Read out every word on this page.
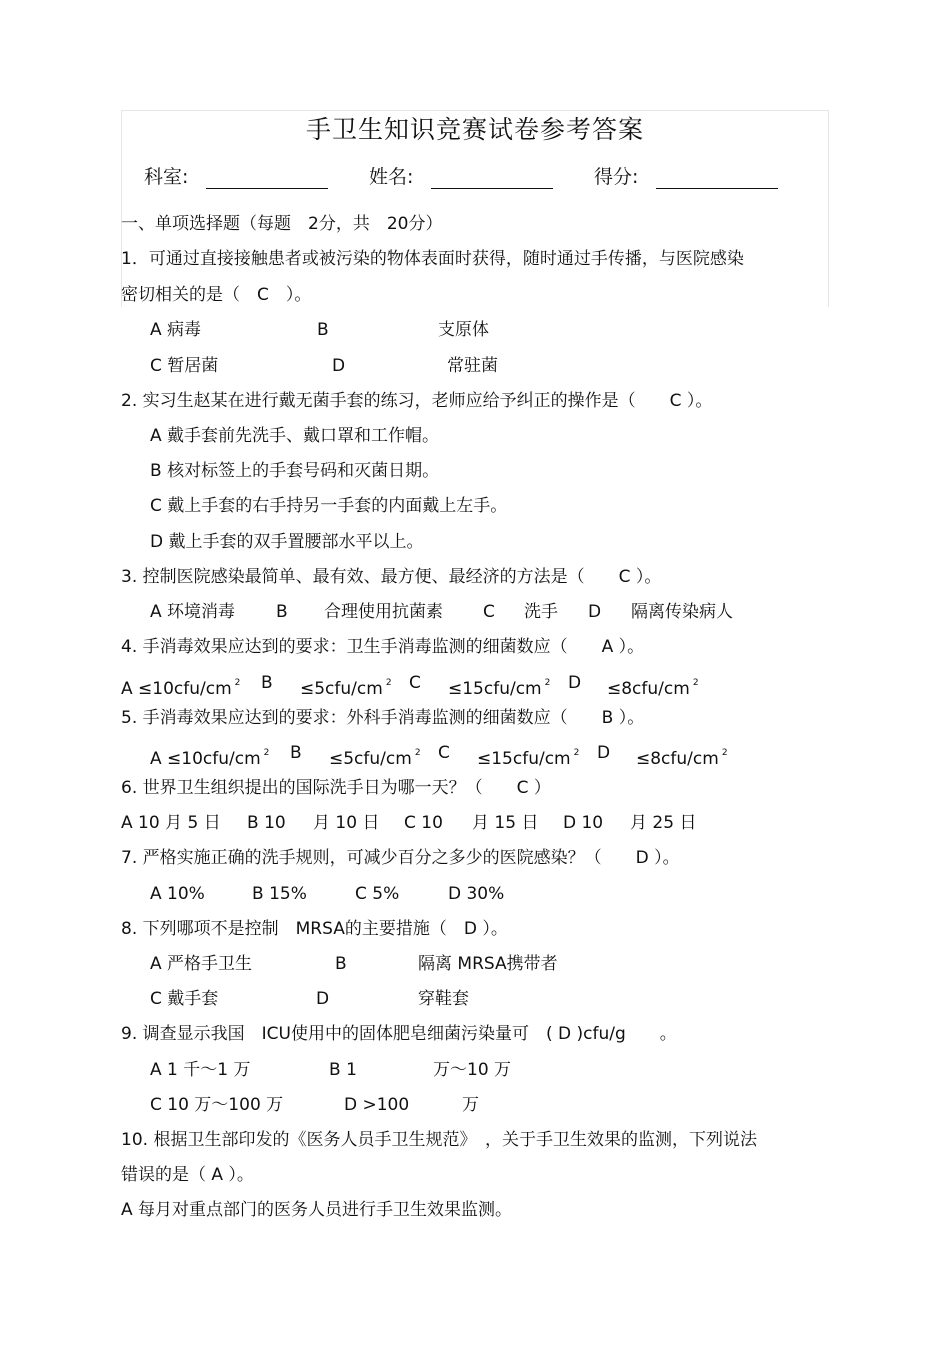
手卫生知识竞赛试卷参考答案
科室:	姓名:	得分:
一、单项选择题（每题　2分，共　20分）
1．可通过直接接触患者或被污染的物体表面时获得，随时通过手传播，与医院感染
密切相关的是（　C　）。
A 病毒	B	支原体
C 暂居菌	D	常驻菌
2. 实习生赵某在进行戴无菌手套的练习，老师应给予纠正的操作是（　　C ）。
A 戴手套前先洗手、戴口罩和工作帽。
B 核对标签上的手套号码和灭菌日期。
C 戴上手套的右手持另一手套的内面戴上左手。
D 戴上手套的双手置腰部水平以上。
3. 控制医院感染最简单、最有效、最方便、最经济的方法是（　　C ）。
A 环境消毒 B 合理使用抗菌素 C 洗手 D 隔离传染病人
4. 手消毒效果应达到的要求：卫生手消毒监测的细菌数应（　　A ）。
A ≤10cfu/cm $^2$ B ≤5cfu/cm $^2$ C ≤15cfu/cm $^2$ D ≤8cfu/cm $^2$
5. 手消毒效果应达到的要求：外科手消毒监测的细菌数应（　　B ）。
A ≤10cfu/cm $^2$ B ≤5cfu/cm $^2$ C ≤15cfu/cm $^2$ D ≤8cfu/cm $^2$
6. 世界卫生组织提出的国际洗手日为哪一天？（　　C ）
A 10 月 5 日 B 10 月 10 日 C 10 月 15 日 D 10 月 25 日
7. 严格实施正确的洗手规则，可减少百分之多少的医院感染？（　　D ）。
A 10%	B 15%	C 5%	D 30%
8. 下列哪项不是控制　MRSA的主要措施（　D ）。
A 严格手卫生	B	隔离 MRSA携带者
C 戴手套	D	穿鞋套
9. 调查显示我国　ICU使用中的固体肥皂细菌污染量可　( D )cfu/g　　。
A 1 千～1 万	B 1	万～10 万
C 10 万～100 万	D >100	万
10. 根据卫生部印发的《医务人员手卫生规范》　，关于手卫生效果的监测，下列说法
错误的是（ A ）。
A 每月对重点部门的医务人员进行手卫生效果监测。
